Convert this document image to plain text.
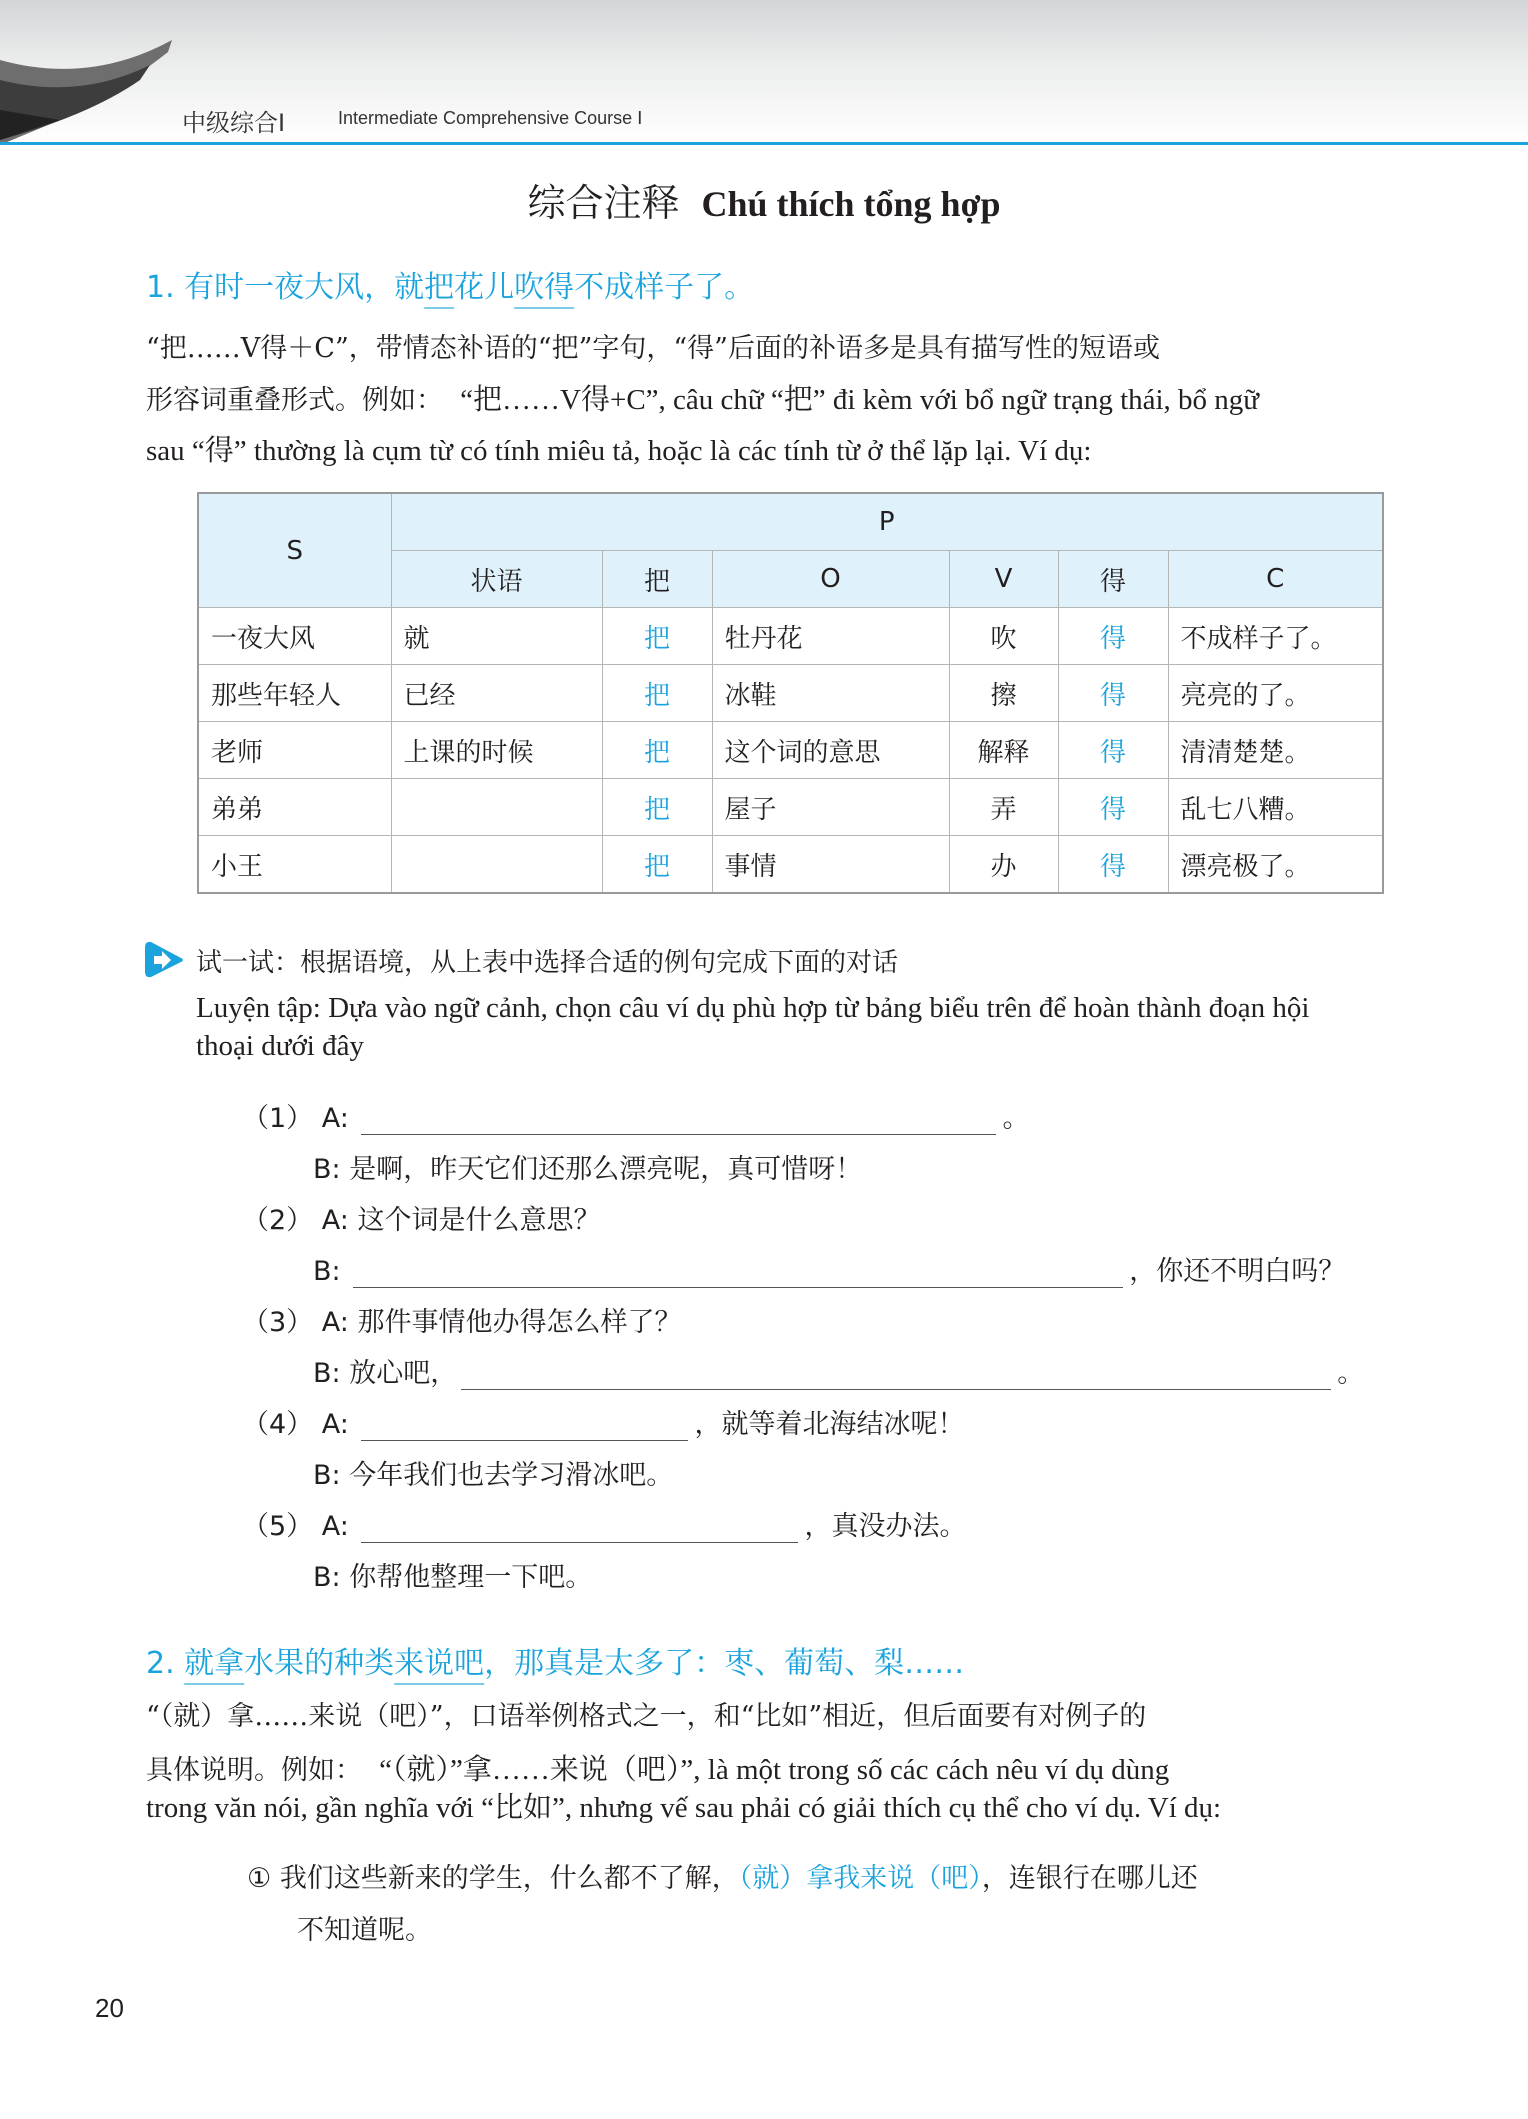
中级综合Ⅰ	Intermediate Comprehensive Course Ⅰ
综合注释 Chú thích tổng hợp
1. 有时一夜大风，就把花儿吹得不成样子了。
“把……V得＋C”，带情态补语的“把”字句，“得”后面的补语多是具有描写性的短语或
形容词重叠形式。例如： “把……V得+C”, câu chữ “把” đi kèm với bổ ngữ trạng thái, bổ ngữ
sau “得” thường là cụm từ có tính miêu tả, hoặc là các tính từ ở thể lặp lại. Ví dụ:
S	P					
	状语	把	O	V	得	C
一夜大风	就	把	牡丹花	吹	得	不成样子了。
那些年轻人	已经	把	冰鞋	擦	得	亮亮的了。
老师	上课的时候	把	这个词的意思	解释	得	清清楚楚。
弟弟		把	屋子	弄	得	乱七八糟。
小王		把	事情	办	得	漂亮极了。
试一试：根据语境，从上表中选择合适的例句完成下面的对话
Luyện tập: Dựa vào ngữ cảnh, chọn câu ví dụ phù hợp từ bảng biểu trên để hoàn thành đoạn hội
thoại dưới đây
（1） A:	。
B: 是啊，昨天它们还那么漂亮呢，真可惜呀！
（2） A: 这个词是什么意思？
B:	，你还不明白吗？
（3） A: 那件事情他办得怎么样了？
B: 放心吧，	。
（4） A:	，就等着北海结冰呢！
B: 今年我们也去学习滑冰吧。
（5） A:	，真没办法。
B: 你帮他整理一下吧。
2. 就拿水果的种类来说吧，那真是太多了：枣、葡萄、梨……
“（就）拿……来说（吧）”，口语举例格式之一，和“比如”相近，但后面要有对例子的
具体说明。例如： “（就）”拿……来说（吧）”, là một trong số các cách nêu ví dụ dùng
trong văn nói, gần nghĩa với “比如”, nhưng vế sau phải có giải thích cụ thể cho ví dụ. Ví dụ:
① 我们这些新来的学生，什么都不了解，（就）拿我来说（吧），连银行在哪儿还
不知道呢。
20
